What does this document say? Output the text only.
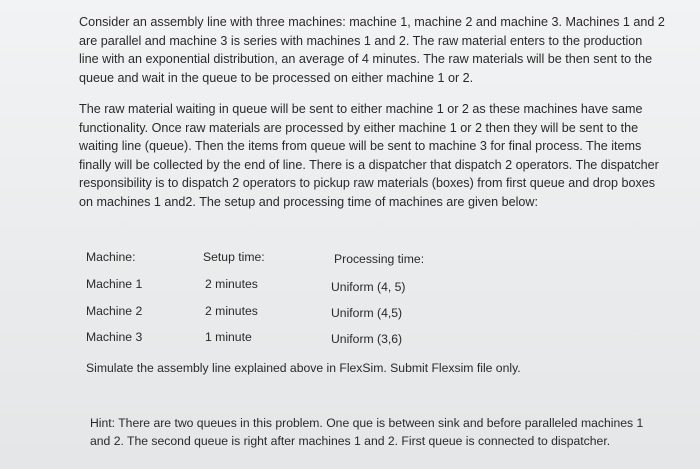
Consider an assembly line with three machines: machine 1, machine 2 and machine 3. Machines 1 and 2
are parallel and machine 3 is series with machines 1 and 2. The raw material enters to the production
line with an exponential distribution, an average of 4 minutes. The raw materials will be then sent to the
queue and wait in the queue to be processed on either machine 1 or 2.

The raw material waiting in queue will be sent to either machine 1 or 2 as these machines have same
functionality. Once raw materials are processed by either machine 1 or 2 then they will be sent to the
waiting line (queue). Then the items from queue will be sent to machine 3 for final process. The items
finally will be collected by the end of line. There is a dispatcher that dispatch 2 operators. The dispatcher
responsibility is to dispatch 2 operators to pickup raw materials (boxes) from first queue and drop boxes
on machines 1 and2. The setup and processing time of machines are given below:

Machine:	Setup time:	Processing time:
Machine 1	2 minutes	Uniform (4, 5)
Machine 2	2 minutes	Uniform (4,5)
Machine 3	1 minute	Uniform (3,6)
Simulate the assembly line explained above in FlexSim. Submit Flexsim file only.
Hint: There are two queues in this problem. One que is between sink and before paralleled machines 1
and 2. The second queue is right after machines 1 and 2. First queue is connected to dispatcher.
